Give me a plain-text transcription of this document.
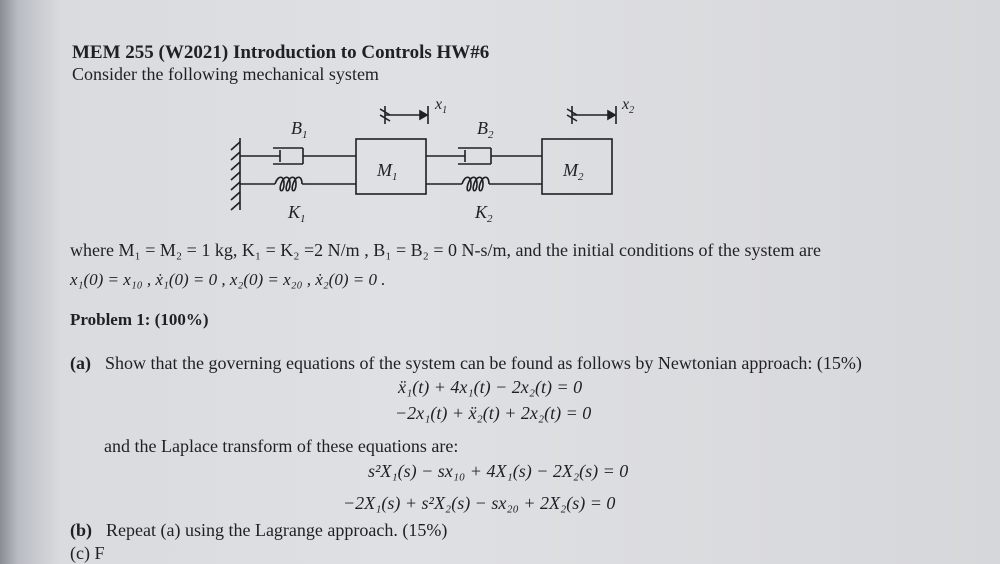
MEM 255 (W2021) Introduction to Controls HW#6
Consider the following mechanical system
$B_1$
$K_1$
$M_1$
$B_2$
$K_2$
$M_2$
$x_1$	$x_2$
where M₁ = M₂ = 1 kg, K₁ = K₂ =2 N/m , B₁ = B₂ = 0 N-s/m, and the initial conditions of the system are
x₁(0) = x₁₀ , ẋ₁(0) = 0 , x₂(0) = x₂₀ , ẋ₂(0) = 0 .
Problem 1: (100%)
(a) Show that the governing equations of the system can be found as follows by Newtonian approach: (15%)
ẍ₁(t) + 4x₁(t) − 2x₂(t) = 0
−2x₁(t) + ẍ₂(t) + 2x₂(t) = 0
and the Laplace transform of these equations are:
s²X₁(s) − sx₁₀ + 4X₁(s) − 2X₂(s) = 0
−2X₁(s) + s²X₂(s) − sx₂₀ + 2X₂(s) = 0
(b) Repeat (a) using the Lagrange approach. (15%)
(c) F
